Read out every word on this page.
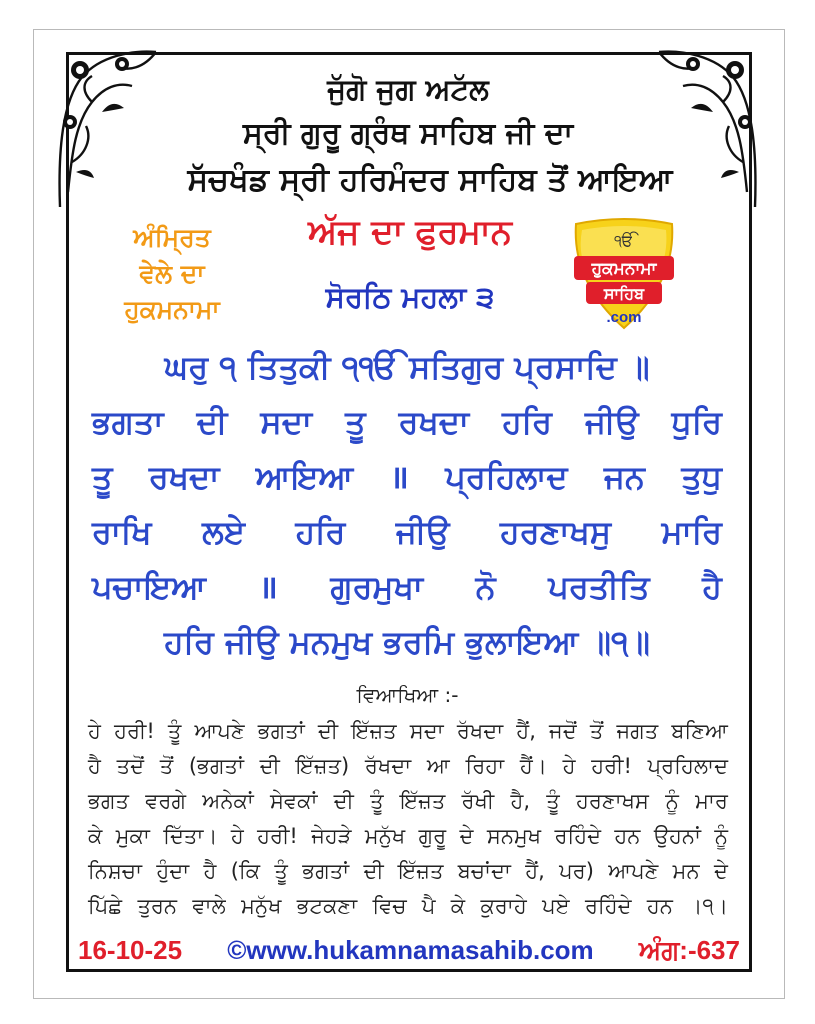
ਜੁੱਗੋ ਜੁਗ ਅਟੱਲ
ਸ੍ਰੀ ਗੁਰੂ ਗ੍ਰੰਥ ਸਾਹਿਬ ਜੀ ਦਾ
ਸੱਚਖੰਡ ਸ੍ਰੀ ਹਰਿਮੰਦਰ ਸਾਹਿਬ ਤੋਂ ਆਇਆ
ਅੰਮ੍ਰਿਤ
ਵੇਲੇ ਦਾ
ਹੁਕਮਨਾਮਾ
ਅੱਜ ਦਾ ਫੁਰਮਾਨ
ਸੋਰਠਿ ਮਹਲਾ ੩
ੴ
ਹੁਕਮਨਾਮਾ
ਸਾਹਿਬ
.com
ਘਰੁ ੧ ਤਿਤੁਕੀ ੧ੴ ਸਤਿਗੁਰ ਪ੍ਰਸਾਦਿ ॥
ਭਗਤਾ ਦੀ ਸਦਾ ਤੂ ਰਖਦਾ ਹਰਿ ਜੀਉ ਧੁਰਿ
ਤੂ ਰਖਦਾ ਆਇਆ ॥ ਪ੍ਰਹਿਲਾਦ ਜਨ ਤੁਧੁ
ਰਾਖਿ ਲਏ ਹਰਿ ਜੀਉ ਹਰਣਾਖਸੁ ਮਾਰਿ
ਪਚਾਇਆ ॥ ਗੁਰਮੁਖਾ ਨੋ ਪਰਤੀਤਿ ਹੈ
ਹਰਿ ਜੀਉ ਮਨਮੁਖ ਭਰਮਿ ਭੁਲਾਇਆ ॥੧॥
ਵਿਆਖਿਆ :-
ਹੇ ਹਰੀ! ਤੂੰ ਆਪਣੇ ਭਗਤਾਂ ਦੀ ਇੱਜ਼ਤ ਸਦਾ ਰੱਖਦਾ ਹੈਂ, ਜਦੋਂ ਤੋਂ ਜਗਤ ਬਣਿਆ
ਹੈ ਤਦੋਂ ਤੋਂ (ਭਗਤਾਂ ਦੀ ਇੱਜ਼ਤ) ਰੱਖਦਾ ਆ ਰਿਹਾ ਹੈਂ। ਹੇ ਹਰੀ! ਪ੍ਰਹਿਲਾਦ
ਭਗਤ ਵਰਗੇ ਅਨੇਕਾਂ ਸੇਵਕਾਂ ਦੀ ਤੂੰ ਇੱਜ਼ਤ ਰੱਖੀ ਹੈ, ਤੂੰ ਹਰਣਾਖਸ ਨੂੰ ਮਾਰ
ਕੇ ਮੁਕਾ ਦਿੱਤਾ। ਹੇ ਹਰੀ! ਜੇਹੜੇ ਮਨੁੱਖ ਗੁਰੂ ਦੇ ਸਨਮੁਖ ਰਹਿੰਦੇ ਹਨ ਉਹਨਾਂ ਨੂੰ
ਨਿਸ਼ਚਾ ਹੁੰਦਾ ਹੈ (ਕਿ ਤੂੰ ਭਗਤਾਂ ਦੀ ਇੱਜ਼ਤ ਬਚਾਂਦਾ ਹੈਂ, ਪਰ) ਆਪਣੇ ਮਨ ਦੇ
ਪਿੱਛੇ ਤੁਰਨ ਵਾਲੇ ਮਨੁੱਖ ਭਟਕਣਾ ਵਿਚ ਪੈ ਕੇ ਕੁਰਾਹੇ ਪਏ ਰਹਿੰਦੇ ਹਨ ।੧।
16-10-25 ©www.hukamnamasahib.com ਅੰਗ:-637
